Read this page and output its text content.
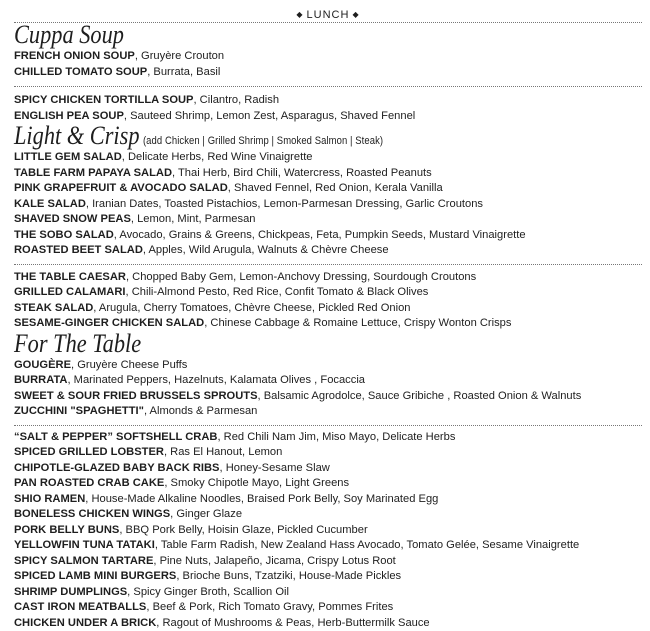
◆ LUNCH ◆
Cuppa Soup
FRENCH ONION SOUP, Gruyère Crouton
CHILLED TOMATO SOUP, Burrata, Basil
SPICY CHICKEN TORTILLA SOUP, Cilantro, Radish
ENGLISH PEA SOUP, Sauteed Shrimp, Lemon Zest, Asparagus, Shaved Fennel
Light & Crisp (add Chicken | Grilled Shrimp | Smoked Salmon | Steak)
LITTLE GEM SALAD, Delicate Herbs, Red Wine Vinaigrette
TABLE FARM PAPAYA SALAD, Thai Herb, Bird Chili, Watercress, Roasted Peanuts
PINK GRAPEFRUIT & AVOCADO SALAD, Shaved Fennel, Red Onion, Kerala Vanilla
KALE SALAD, Iranian Dates, Toasted Pistachios, Lemon-Parmesan Dressing, Garlic Croutons
SHAVED SNOW PEAS, Lemon, Mint, Parmesan
THE SOBO SALAD, Avocado, Grains & Greens, Chickpeas, Feta, Pumpkin Seeds, Mustard Vinaigrette
ROASTED BEET SALAD, Apples, Wild Arugula, Walnuts & Chèvre Cheese
THE TABLE CAESAR, Chopped Baby Gem, Lemon-Anchovy Dressing, Sourdough Croutons
GRILLED CALAMARI, Chili-Almond Pesto, Red Rice, Confit Tomato & Black Olives
STEAK SALAD, Arugula, Cherry Tomatoes, Chèvre Cheese, Pickled Red Onion
SESAME-GINGER CHICKEN SALAD, Chinese Cabbage & Romaine Lettuce, Crispy Wonton Crisps
For The Table
GOUGÈRE, Gruyère Cheese Puffs
BURRATA, Marinated Peppers, Hazelnuts, Kalamata Olives , Focaccia
SWEET & SOUR FRIED BRUSSELS SPROUTS, Balsamic Agrodolce, Sauce Gribiche , Roasted Onion & Walnuts
ZUCCHINI "SPAGHETTI", Almonds & Parmesan
“SALT & PEPPER” SOFTSHELL CRAB, Red Chili Nam Jim, Miso Mayo, Delicate Herbs
SPICED GRILLED LOBSTER, Ras El Hanout, Lemon
CHIPOTLE-GLAZED BABY BACK RIBS, Honey-Sesame Slaw
PAN ROASTED CRAB CAKE, Smoky Chipotle Mayo, Light Greens
SHIO RAMEN, House-Made Alkaline Noodles, Braised Pork Belly, Soy Marinated Egg
BONELESS CHICKEN WINGS, Ginger Glaze
PORK BELLY BUNS, BBQ Pork Belly, Hoisin Glaze, Pickled Cucumber
YELLOWFIN TUNA TATAKI, Table Farm Radish, New Zealand Hass Avocado, Tomato Gelée, Sesame Vinaigrette
SPICY SALMON TARTARE, Pine Nuts, Jalapeño, Jicama, Crispy Lotus Root
SPICED LAMB MINI BURGERS, Brioche Buns, Tzatziki, House-Made Pickles
SHRIMP DUMPLINGS, Spicy Ginger Broth, Scallion Oil
CAST IRON MEATBALLS, Beef & Pork, Rich Tomato Gravy, Pommes Frites
CHICKEN UNDER A BRICK, Ragout of Mushrooms & Peas, Herb-Buttermilk Sauce
